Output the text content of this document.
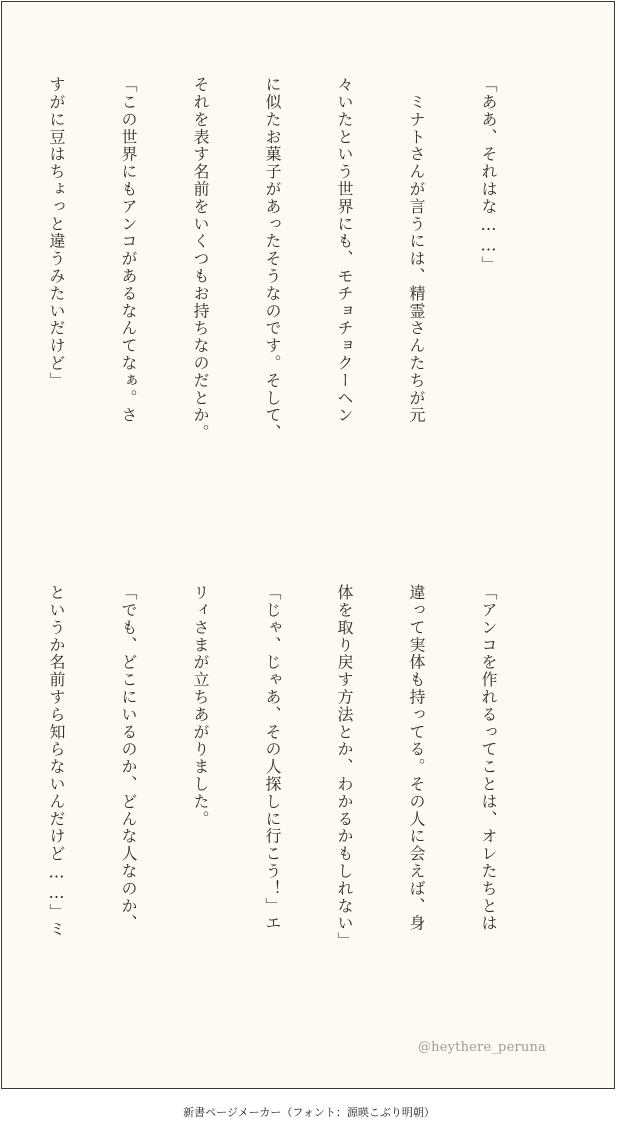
「ああ、それはな……」

　ミナトさんが言うには、精霊さんたちが元

々いたという世界にも、モチョチョクーヘン

に似たお菓子があったそうなのです。そして、

それを表す名前をいくつもお持ちなのだとか。

「この世界にもアンコがあるなんてなぁ。さ

すがに豆はちょっと違うみたいだけど」

「アンコを作れるってことは、オレたちとは

違って実体も持ってる。その人に会えば、身

体を取り戻す方法とか、わかるかもしれない」

「じゃ、じゃあ、その人探しに行こう！」エ

リィさまが立ちあがりました。

「でも、どこにいるのか、どんな人なのか、

というか名前すら知らないんだけど……」ミ

@heythere_peruna
新書ページメーカー（フォント：源暎こぶり明朝）
